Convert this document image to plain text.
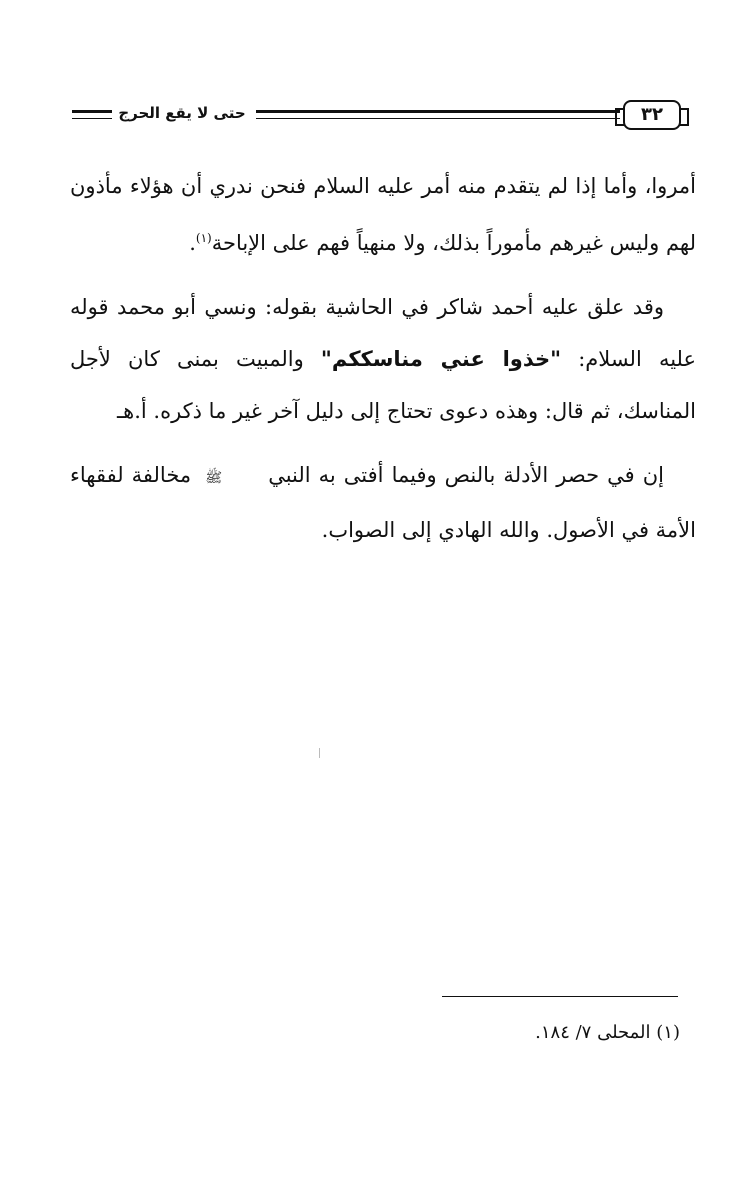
٣٢
حتى لا يقع الحرج

أمروا، وأما إذا لم يتقدم منه أمر عليه السلام فنحن ندري أن هؤلاء مأذون لهم وليس غيرهم مأموراً بذلك، ولا منهياً فهم على الإباحة$^{(١)}$.

وقد علق عليه أحمد شاكر في الحاشية بقوله: ونسي أبو محمد قوله عليه السلام: "خذوا عني مناسككم" والمبيت بمنى كان لأجل المناسك، ثم قال: وهذه دعوى تحتاج إلى دليل آخر غير ما ذكره. أ.هـ

إن في حصر الأدلة بالنص وفيما أفتى به النبي ﷺ مخالفة لفقهاء الأمة في الأصول. والله الهادي إلى الصواب.

(١) المحلى ٧/ ١٨٤.
